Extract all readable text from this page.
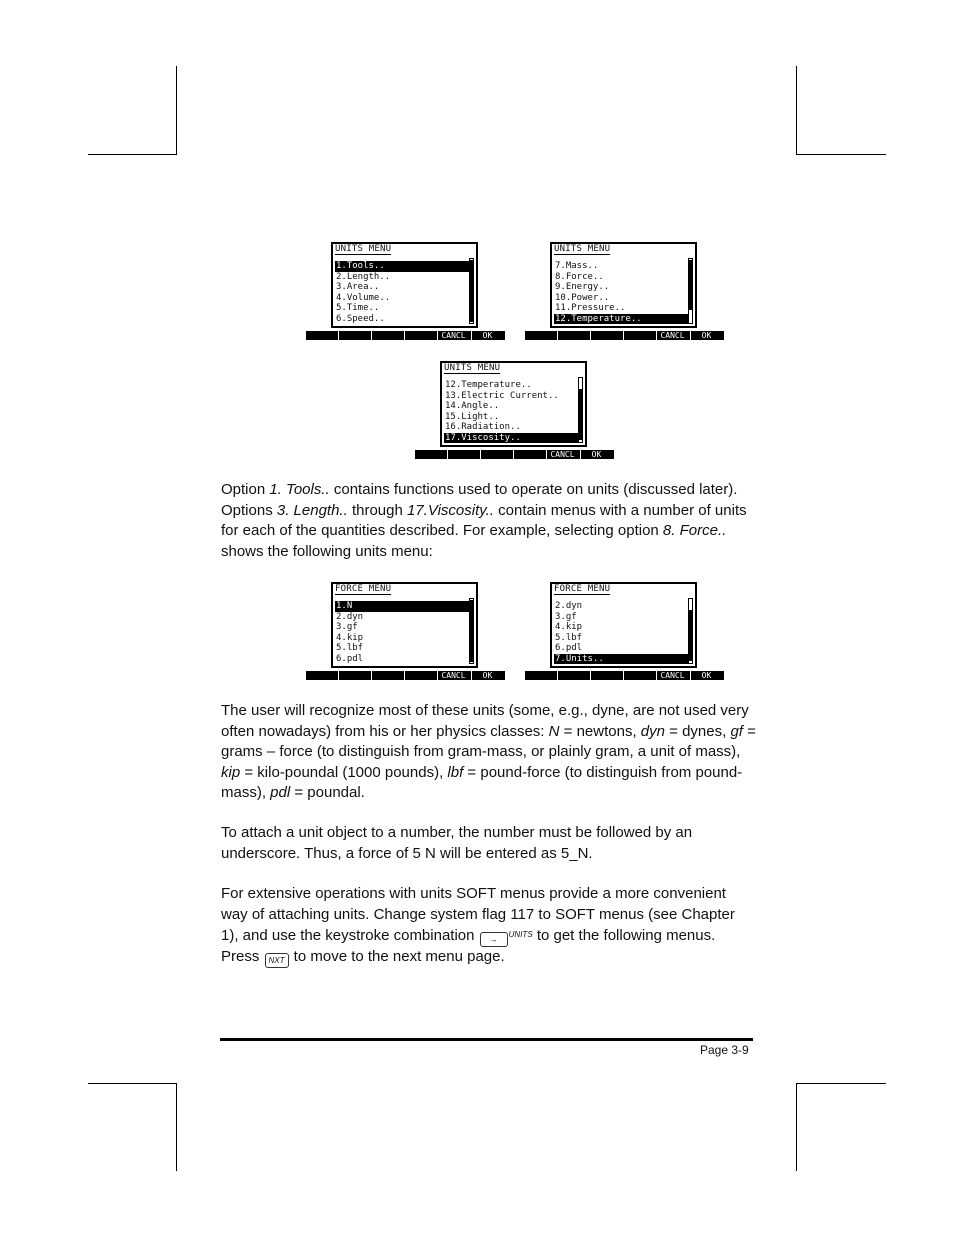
UNITS MENU
1.Tools..
2.Length..
3.Area..
4.Volume..
5.Time..
6.Speed..
CANCL	OK
UNITS MENU
7.Mass..
8.Force..
9.Energy..
10.Power..
11.Pressure..
12.Temperature..
CANCL	OK
UNITS MENU
12.Temperature..
13.Electric Current..
14.Angle..
15.Light..
16.Radiation..
17.Viscosity..
CANCL	OK
Option 1. Tools.. contains functions used to operate on units (discussed later). Options 3. Length.. through 17.Viscosity.. contain menus with a number of units for each of the quantities described. For example, selecting option 8. Force.. shows the following units menu:
FORCE MENU
1.N
2.dyn
3.gf
4.kip
5.lbf
6.pdl
CANCL	OK
FORCE MENU
2.dyn
3.gf
4.kip
5.lbf
6.pdl
7.Units..
CANCL	OK
The user will recognize most of these units (some, e.g., dyne, are not used very often nowadays) from his or her physics classes: N = newtons, dyn = dynes, gf = grams – force (to distinguish from gram-mass, or plainly gram, a unit of mass), kip = kilo-poundal (1000 pounds), lbf = pound-force (to distinguish from pound-mass), pdl = poundal.
To attach a unit object to a number, the number must be followed by an underscore. Thus, a force of 5 N will be entered as 5_N.
For extensive operations with units SOFT menus provide a more convenient way of attaching units. Change system flag 117 to SOFT menus (see Chapter 1), and use the keystroke combination →$^{UNITS}$ to get the following menus. Press NXT to move to the next menu page.
Page 3-9
